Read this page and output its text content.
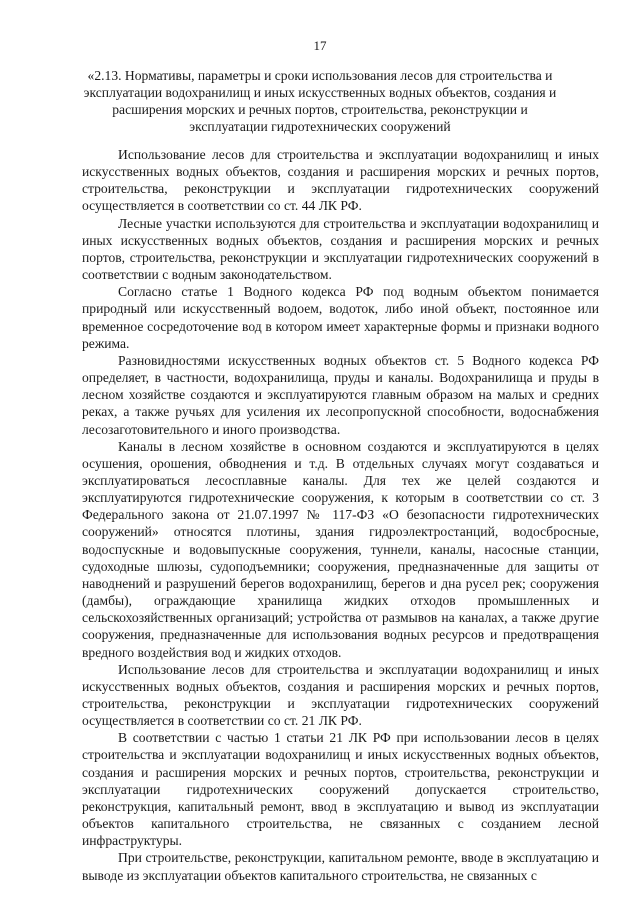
17
«2.13. Нормативы, параметры и сроки использования лесов для строительства и эксплуатации водохранилищ и иных искусственных водных объектов, создания и расширения морских и речных портов, строительства, реконструкции и эксплуатации гидротехнических сооружений

Использование лесов для строительства и эксплуатации водохранилищ и иных искусственных водных объектов, создания и расширения морских и речных портов, строительства, реконструкции и эксплуатации гидротехнических сооружений осуществляется в соответствии со ст. 44 ЛК РФ.

Лесные участки используются для строительства и эксплуатации водохранилищ и иных искусственных водных объектов, создания и расширения морских и речных портов, строительства, реконструкции и эксплуатации гидротехнических сооружений в соответствии с водным законодательством.

Согласно статье 1 Водного кодекса РФ под водным объектом понимается природный или искусственный водоем, водоток, либо иной объект, постоянное или временное сосредоточение вод в котором имеет характерные формы и признаки водного режима.

Разновидностями искусственных водных объектов ст. 5 Водного кодекса РФ определяет, в частности, водохранилища, пруды и каналы. Водохранилища и пруды в лесном хозяйстве создаются и эксплуатируются главным образом на малых и средних реках, а также ручьях для усиления их лесопропускной способности, водоснабжения лесозаготовительного и иного производства.

Каналы в лесном хозяйстве в основном создаются и эксплуатируются в целях осушения, орошения, обводнения и т.д. В отдельных случаях могут создаваться и эксплуатироваться лесосплавные каналы. Для тех же целей создаются и эксплуатируются гидротехнические сооружения, к которым в соответствии со ст. 3 Федерального закона от 21.07.1997 № 117-ФЗ «О безопасности гидротехнических сооружений» относятся плотины, здания гидроэлектростанций, водосбросные, водоспускные и водовыпускные сооружения, туннели, каналы, насосные станции, судоходные шлюзы, судоподъемники; сооружения, предназначенные для защиты от наводнений и разрушений берегов водохранилищ, берегов и дна русел рек; сооружения (дамбы), ограждающие хранилища жидких отходов промышленных и сельскохозяйственных организаций; устройства от размывов на каналах, а также другие сооружения, предназначенные для использования водных ресурсов и предотвращения вредного воздействия вод и жидких отходов.

Использование лесов для строительства и эксплуатации водохранилищ и иных искусственных водных объектов, создания и расширения морских и речных портов, строительства, реконструкции и эксплуатации гидротехнических сооружений осуществляется в соответствии со ст. 21 ЛК РФ.

В соответствии с частью 1 статьи 21 ЛК РФ при использовании лесов в целях строительства и эксплуатации водохранилищ и иных искусственных водных объектов, создания и расширения морских и речных портов, строительства, реконструкции и эксплуатации гидротехнических сооружений допускается строительство, реконструкция, капитальный ремонт, ввод в эксплуатацию и вывод из эксплуатации объектов капитального строительства, не связанных с созданием лесной инфраструктуры.

При строительстве, реконструкции, капитальном ремонте, вводе в эксплуатацию и выводе из эксплуатации объектов капитального строительства, не связанных с
